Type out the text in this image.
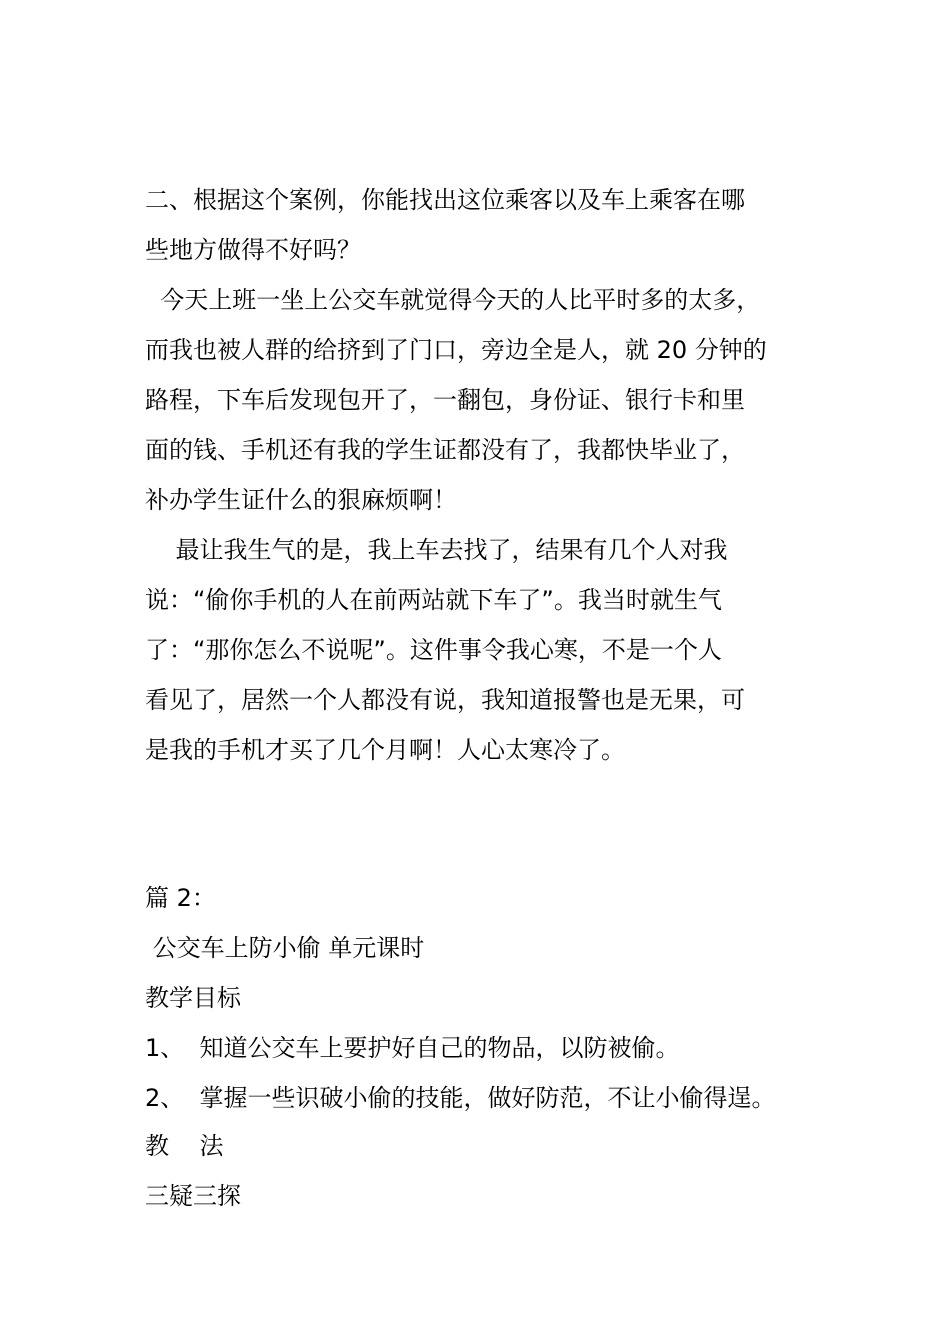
二、根据这个案例，你能找出这位乘客以及车上乘客在哪
些地方做得不好吗？
今天上班一坐上公交车就觉得今天的人比平时多的太多，
而我也被人群的给挤到了门口，旁边全是人，就 20 分钟的
路程，下车后发现包开了，一翻包，身份证、银行卡和里
面的钱、手机还有我的学生证都没有了，我都快毕业了，
补办学生证什么的狠麻烦啊！
最让我生气的是，我上车去找了，结果有几个人对我
说：“偷你手机的人在前两站就下车了”。我当时就生气
了：“那你怎么不说呢”。这件事令我心寒，不是一个人
看见了，居然一个人都没有说，我知道报警也是无果，可
是我的手机才买了几个月啊！人心太寒冷了。
篇 2：
公交车上防小偷 单元课时
教学目标
1、  知道公交车上要护好自己的物品，以防被偷。
2、  掌握一些识破小偷的技能，做好防范，不让小偷得逞。
教    法
三疑三探
